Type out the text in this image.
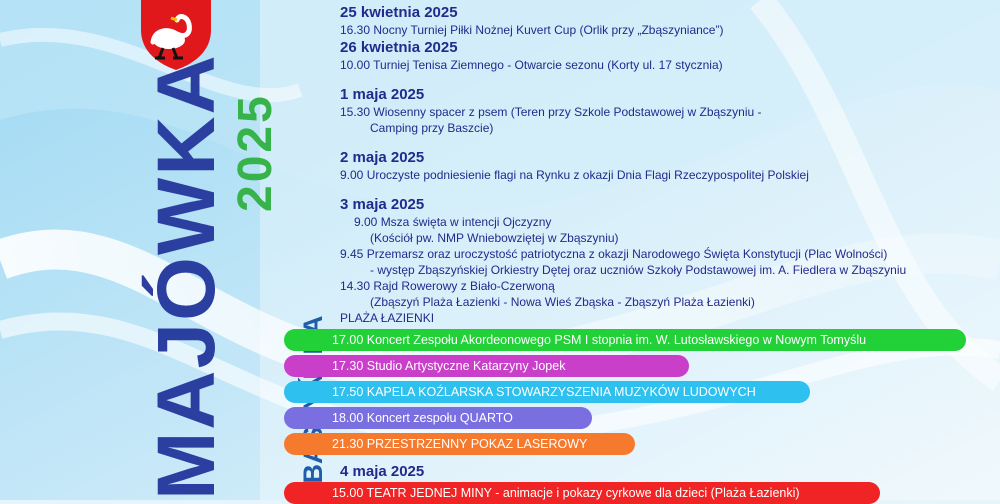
MAJÓWKA
2025

25 kwietnia 2025

16.30 Nocny Turniej Piłki Nożnej Kuvert Cup (Orlik przy „Zbąszyniance”)

26 kwietnia 2025

10.00 Turniej Tenisa Ziemnego - Otwarcie sezonu (Korty ul. 17 stycznia)

1 maja 2025

15.30 Wiosenny spacer z psem (Teren przy Szkole Podstawowej w Zbąszyniu -

Camping przy Baszcie)

2 maja 2025

9.00 Uroczyste podniesienie flagi na Rynku z okazji Dnia Flagi Rzeczypospolitej Polskiej

3 maja 2025

9.00 Msza święta w intencji Ojczyzny

(Kościół pw. NMP Wniebowziętej w Zbąszyniu)

9.45 Przemarsz oraz uroczystość patriotyczna z okazji Narodowego Święta Konstytucji (Plac Wolności)

- występ Zbąszyńskiej Orkiestry Dętej oraz uczniów Szkoły Podstawowej im. A. Fiedlera w Zbąszyniu

14.30 Rajd Rowerowy z Biało-Czerwoną

(Zbąszyń Plaża Łazienki - Nowa Wieś Zbąska - Zbąszyń Plaża Łazienki)

PLAŻA ŁAZIENKI

17.00 Koncert Zespołu Akordeonowego PSM I stopnia im. W. Lutosławskiego w Nowym Tomyślu
17.30 Studio Artystyczne Katarzyny Jopek
17.50 KAPELA KOŹLARSKA STOWARZYSZENIA MUZYKÓW LUDOWYCH
18.00 Koncert zespołu QUARTO
21.30 PRZESTRZENNY POKAZ LASEROWY
4 maja 2025
15.00 TEATR JEDNEJ MINY - animacje i pokazy cyrkowe dla dzieci (Plaża Łazienki)
